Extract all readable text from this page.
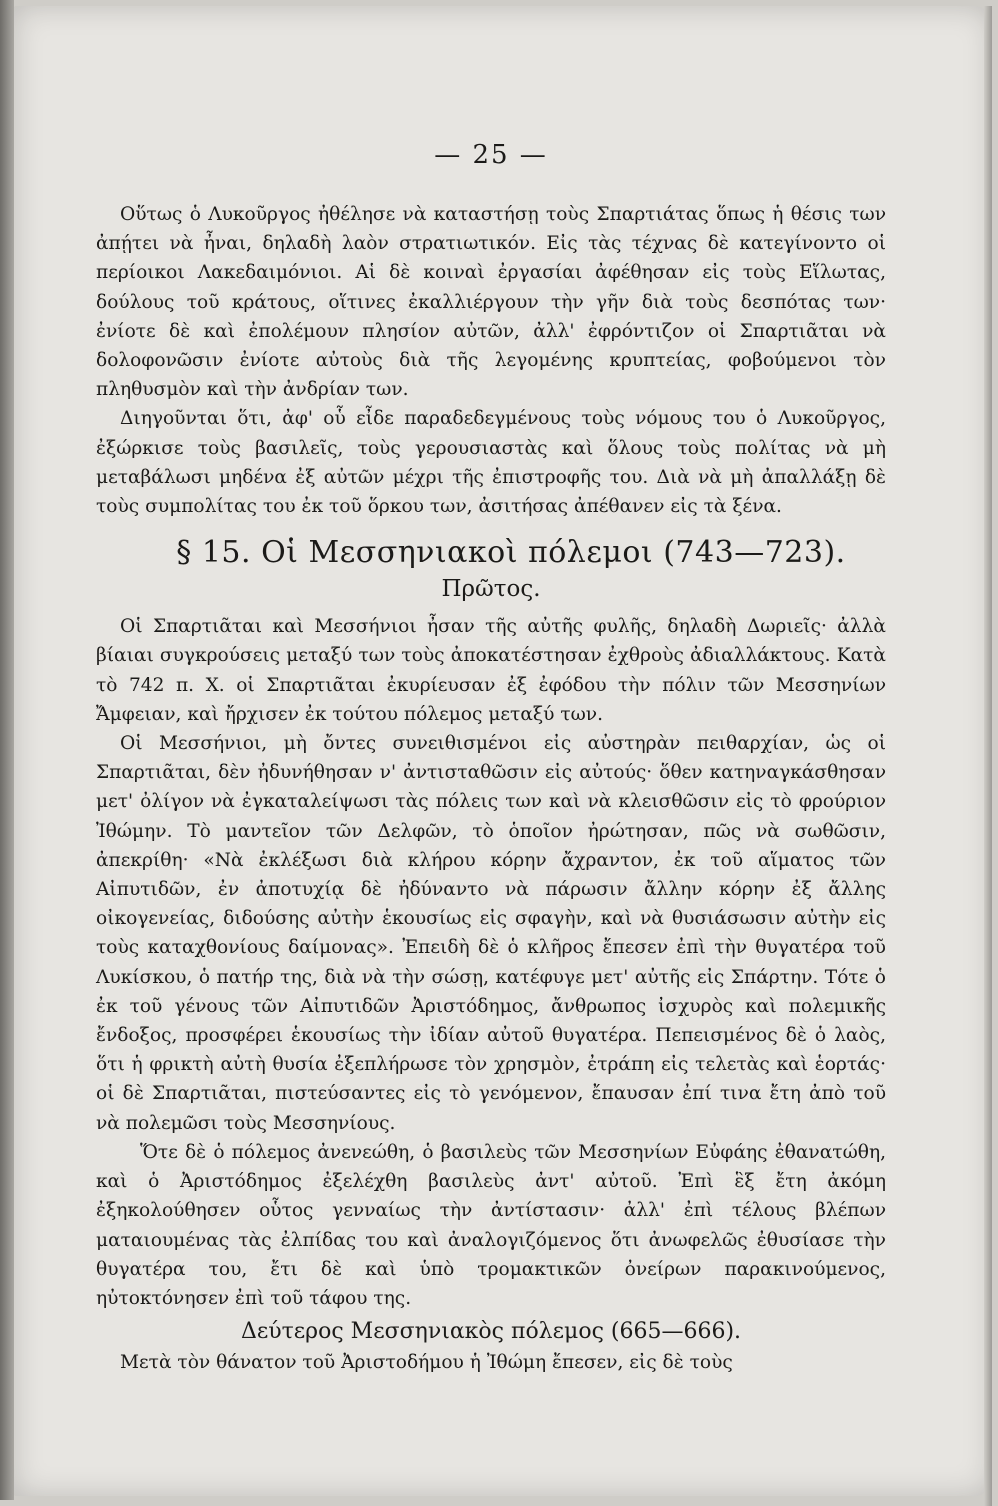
— 25 —

Οὕτως ὁ Λυκοῦργος ἠθέλησε νὰ καταστήσῃ τοὺς Σπαρτιάτας ὅπως ἡ θέσις των ἀπῄτει νὰ ἦναι, δηλαδὴ λαὸν στρατιωτικόν. Εἰς τὰς τέχνας δὲ κατεγίνοντο οἱ περίοικοι Λακεδαιμόνιοι. Αἱ δὲ κοιναὶ ἐργασίαι ἀφέθησαν εἰς τοὺς Εἵλωτας, δούλους τοῦ κράτους, οἵτινες ἐκαλλιέργουν τὴν γῆν διὰ τοὺς δεσπότας των· ἐνίοτε δὲ καὶ ἐπολέμουν πλησίον αὐτῶν, ἀλλ' ἐφρόντιζον οἱ Σπαρτιᾶται νὰ δολοφονῶσιν ἐνίοτε αὐτοὺς διὰ τῆς λεγομένης κρυπτείας, φοβούμενοι τὸν πληθυσμὸν καὶ τὴν ἀνδρίαν των.

Διηγοῦνται ὅτι, ἀφ' οὗ εἶδε παραδεδεγμένους τοὺς νόμους του ὁ Λυκοῦργος, ἐξώρκισε τοὺς βασιλεῖς, τοὺς γερουσιαστὰς καὶ ὅλους τοὺς πολίτας νὰ μὴ μεταβάλωσι μηδένα ἐξ αὐτῶν μέχρι τῆς ἐπιστροφῆς του. Διὰ νὰ μὴ ἀπαλλάξῃ δὲ τοὺς συμπολίτας του ἐκ τοῦ ὅρκου των, ἀσιτήσας ἀπέθανεν εἰς τὰ ξένα.

§ 15. Οἱ Μεσσηνιακοὶ πόλεμοι (743—723).
Πρῶτος.

Οἱ Σπαρτιᾶται καὶ Μεσσήνιοι ἦσαν τῆς αὐτῆς φυλῆς, δηλαδὴ Δωριεῖς· ἀλλὰ βίαιαι συγκρούσεις μεταξύ των τοὺς ἀποκατέστησαν ἐχθροὺς ἀδιαλλάκτους. Κατὰ τὸ 742 π. Χ. οἱ Σπαρτιᾶται ἐκυρίευσαν ἐξ ἐφόδου τὴν πόλιν τῶν Μεσσηνίων Ἄμφειαν, καὶ ἤρχισεν ἐκ τούτου πόλεμος μεταξύ των.

Οἱ Μεσσήνιοι, μὴ ὄντες συνειθισμένοι εἰς αὐστηρὰν πειθαρχίαν, ὡς οἱ Σπαρτιᾶται, δὲν ἠδυνήθησαν ν' ἀντισταθῶσιν εἰς αὐτούς· ὅθεν κατηναγκάσθησαν μετ' ὀλίγον νὰ ἐγκαταλείψωσι τὰς πόλεις των καὶ νὰ κλεισθῶσιν εἰς τὸ φρούριον Ἰθώμην. Τὸ μαντεῖον τῶν Δελφῶν, τὸ ὁποῖον ἠρώτησαν, πῶς νὰ σωθῶσιν, ἀπεκρίθη· «Νὰ ἐκλέξωσι διὰ κλήρου κόρην ἄχραντον, ἐκ τοῦ αἵματος τῶν Αἰπυτιδῶν, ἐν ἀποτυχίᾳ δὲ ἠδύναντο νὰ πάρωσιν ἄλλην κόρην ἐξ ἄλλης οἰκογενείας, διδούσης αὐτὴν ἑκουσίως εἰς σφαγὴν, καὶ νὰ θυσιάσωσιν αὐτὴν εἰς τοὺς καταχθονίους δαίμονας». Ἐπειδὴ δὲ ὁ κλῆρος ἔπεσεν ἐπὶ τὴν θυγατέρα τοῦ Λυκίσκου, ὁ πατήρ της, διὰ νὰ τὴν σώσῃ, κατέφυγε μετ' αὐτῆς εἰς Σπάρτην. Τότε ὁ ἐκ τοῦ γένους τῶν Αἰπυτιδῶν Ἀριστόδημος, ἄνθρωπος ἰσχυρὸς καὶ πολεμικῆς ἔνδοξος, προσφέρει ἑκουσίως τὴν ἰδίαν αὐτοῦ θυγατέρα. Πεπεισμένος δὲ ὁ λαὸς, ὅτι ἡ φρικτὴ αὐτὴ θυσία ἐξεπλήρωσε τὸν χρησμὸν, ἐτράπη εἰς τελετὰς καὶ ἑορτάς· οἱ δὲ Σπαρτιᾶται, πιστεύσαντες εἰς τὸ γενόμενον, ἔπαυσαν ἐπί τινα ἔτη ἀπὸ τοῦ νὰ πολεμῶσι τοὺς Μεσσηνίους.

Ὅτε δὲ ὁ πόλεμος ἀνενεώθη, ὁ βασιλεὺς τῶν Μεσσηνίων Εὐφάης ἐθανατώθη, καὶ ὁ Ἀριστόδημος ἐξελέχθη βασιλεὺς ἀντ' αὐτοῦ. Ἐπὶ ἓξ ἔτη ἀκόμη ἐξηκολούθησεν οὗτος γενναίως τὴν ἀντίστασιν· ἀλλ' ἐπὶ τέλους βλέπων ματαιουμένας τὰς ἐλπίδας του καὶ ἀναλογιζόμενος ὅτι ἀνωφελῶς ἐθυσίασε τὴν θυγατέρα του, ἔτι δὲ καὶ ὑπὸ τρομακτικῶν ὀνείρων παρακινούμενος, ηὐτοκτόνησεν ἐπὶ τοῦ τάφου της.

Δεύτερος Μεσσηνιακὸς πόλεμος (665—666).

Μετὰ τὸν θάνατον τοῦ Ἀριστοδήμου ἡ Ἰθώμη ἔπεσεν, εἰς δὲ τοὺς
